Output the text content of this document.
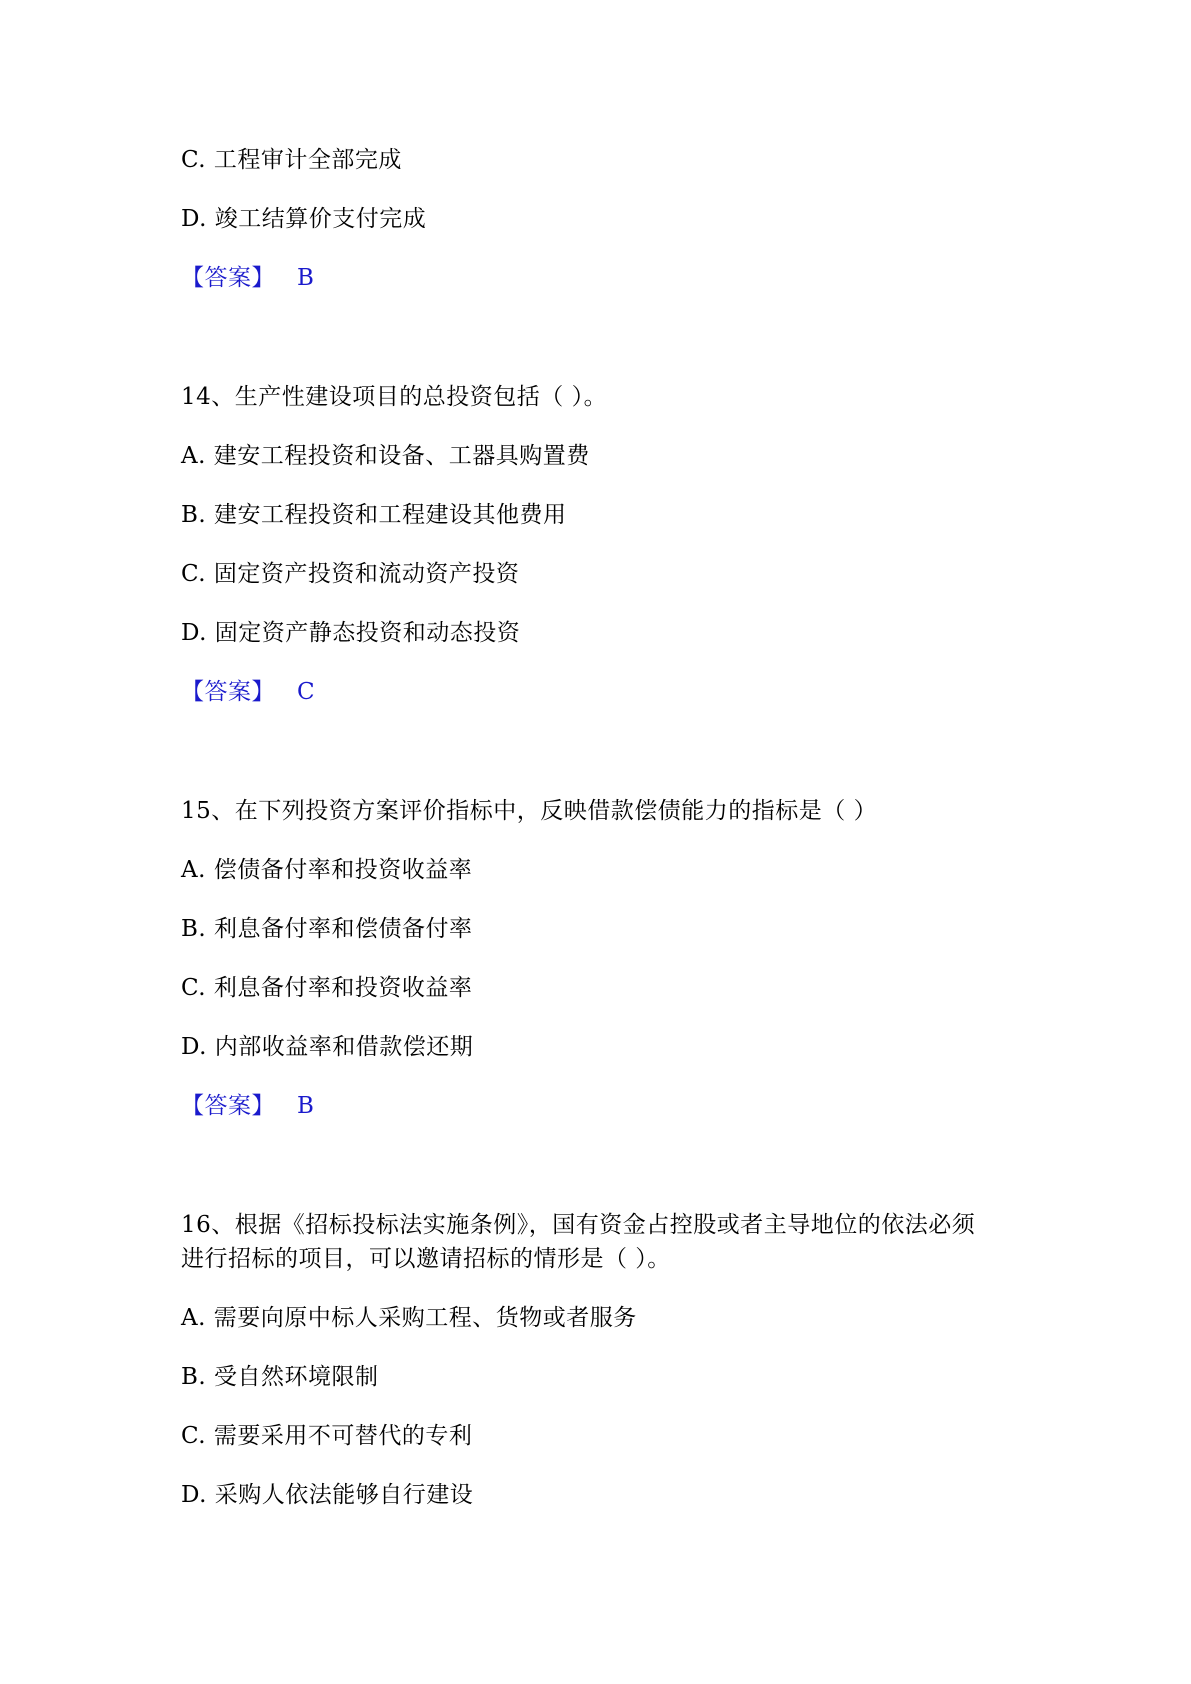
C. 工程审计全部完成
D. 竣工结算价支付完成
【答案】 B
14、生产性建设项目的总投资包括（ ）。
A. 建安工程投资和设备、工器具购置费
B. 建安工程投资和工程建设其他费用
C. 固定资产投资和流动资产投资
D. 固定资产静态投资和动态投资
【答案】 C
15、在下列投资方案评价指标中，反映借款偿债能力的指标是（ ）
A. 偿债备付率和投资收益率
B. 利息备付率和偿债备付率
C. 利息备付率和投资收益率
D. 内部收益率和借款偿还期
【答案】 B
16、根据《招标投标法实施条例》，国有资金占控股或者主导地位的依法必须
进行招标的项目，可以邀请招标的情形是（ ）。
A. 需要向原中标人采购工程、货物或者服务
B. 受自然环境限制
C. 需要采用不可替代的专利
D. 采购人依法能够自行建设
